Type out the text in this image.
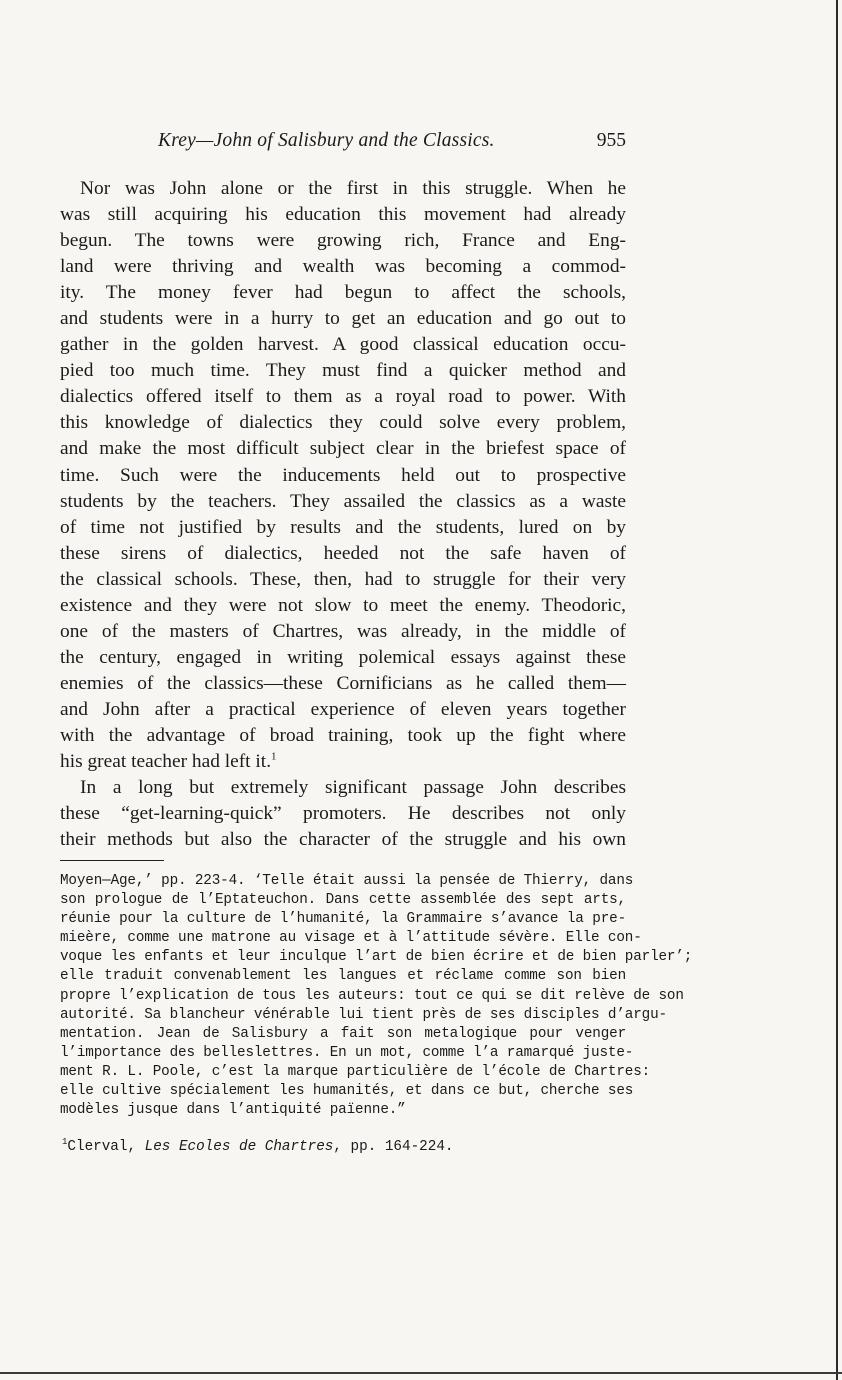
Krey—John of Salisbury and the Classics.	955
Nor was John alone or the first in this struggle. When he
was still acquiring his education this movement had already
begun. The towns were growing rich, France and Eng-
land were thriving and wealth was becoming a commod-
ity. The money fever had begun to affect the schools,
and students were in a hurry to get an education and go out to
gather in the golden harvest. A good classical education occu-
pied too much time. They must find a quicker method and
dialectics offered itself to them as a royal road to power. With
this knowledge of dialectics they could solve every problem,
and make the most difficult subject clear in the briefest space of
time. Such were the inducements held out to prospective
students by the teachers. They assailed the classics as a waste
of time not justified by results and the students, lured on by
these sirens of dialectics, heeded not the safe haven of
the classical schools. These, then, had to struggle for their very
existence and they were not slow to meet the enemy. Theodoric,
one of the masters of Chartres, was already, in the middle of
the century, engaged in writing polemical essays against these
enemies of the classics—these Cornificians as he called them—
and John after a practical experience of eleven years together
with the advantage of broad training, took up the fight where
his great teacher had left it.$^1$
In a long but extremely significant passage John describes
these “get-learning-quick” promoters. He describes not only
their methods but also the character of the struggle and his own
Moyen—Age,’ pp. 223-4. ‘Telle était aussi la pensée de Thierry, dans
son prologue de l’Eptateuchon. Dans cette assemblée des sept arts,
réunie pour la culture de l’humanité, la Grammaire s’avance la pre-
mieère, comme une matrone au visage et à l’attitude sévère. Elle con-
voque les enfants et leur inculque l’art de bien écrire et de bien parler’;
elle traduit convenablement les langues et réclame comme son bien
propre l’explication de tous les auteurs: tout ce qui se dit relève de son
autorité. Sa blancheur vénérable lui tient près de ses disciples d’argu-
mentation. Jean de Salisbury a fait son metalogique pour venger
l’importance des belleslettres. En un mot, comme l’a ramarqué juste-
ment R. L. Poole, c’est la marque particulière de l’école de Chartres:
elle cultive spécialement les humanités, et dans ce but, cherche ses
modèles jusque dans l’antiquité païenne.”
$^1$Clerval, Les Ecoles de Chartres, pp. 164-224.
